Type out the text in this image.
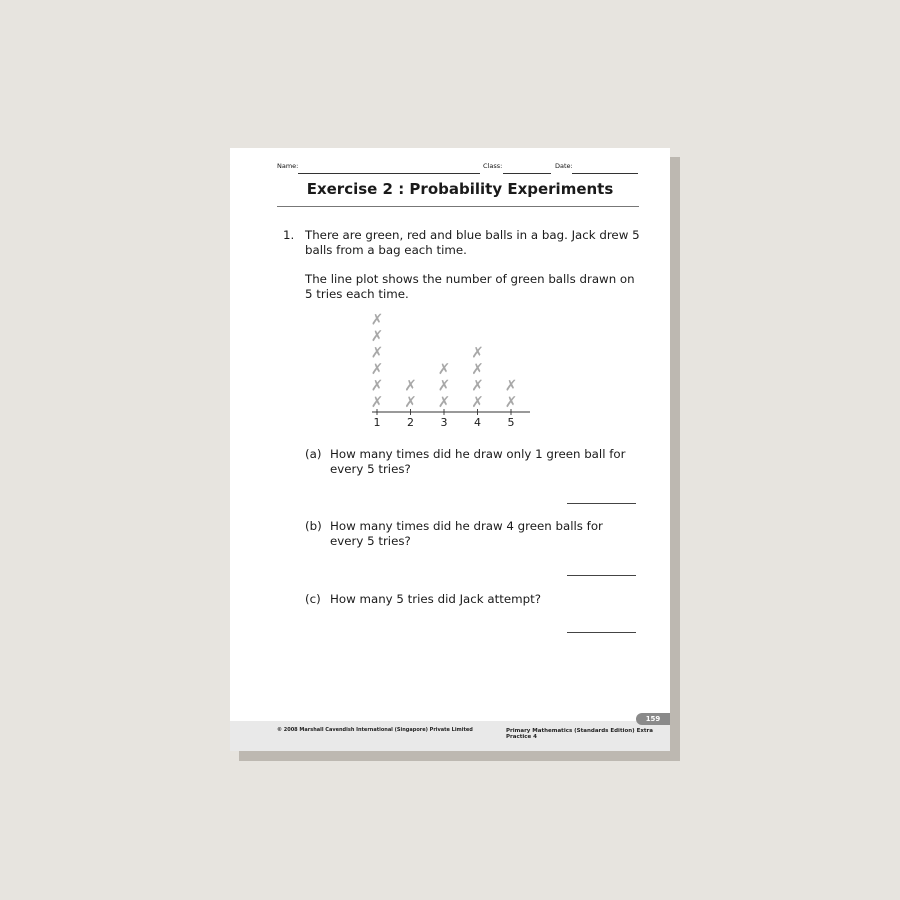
Name:	Class:	Date:
Exercise 2 : Probability Experiments
1. There are green, red and blue balls in a bag. Jack drew 5 balls from a bag each time.
The line plot shows the number of green balls drawn on 5 tries each time.
1
✗
✗
✗
✗
✗
✗
2
✗
✗
3
✗
✗
✗
4
✗
✗
✗
✗
5
✗
✗
(a) How many times did he draw only 1 green ball for every 5 tries?
(b) How many times did he draw 4 green balls for every 5 tries?
(c) How many 5 tries did Jack attempt?
© 2008 Marshall Cavendish International (Singapore) Private Limited	Primary Mathematics (Standards Edition) Extra Practice 4
159
